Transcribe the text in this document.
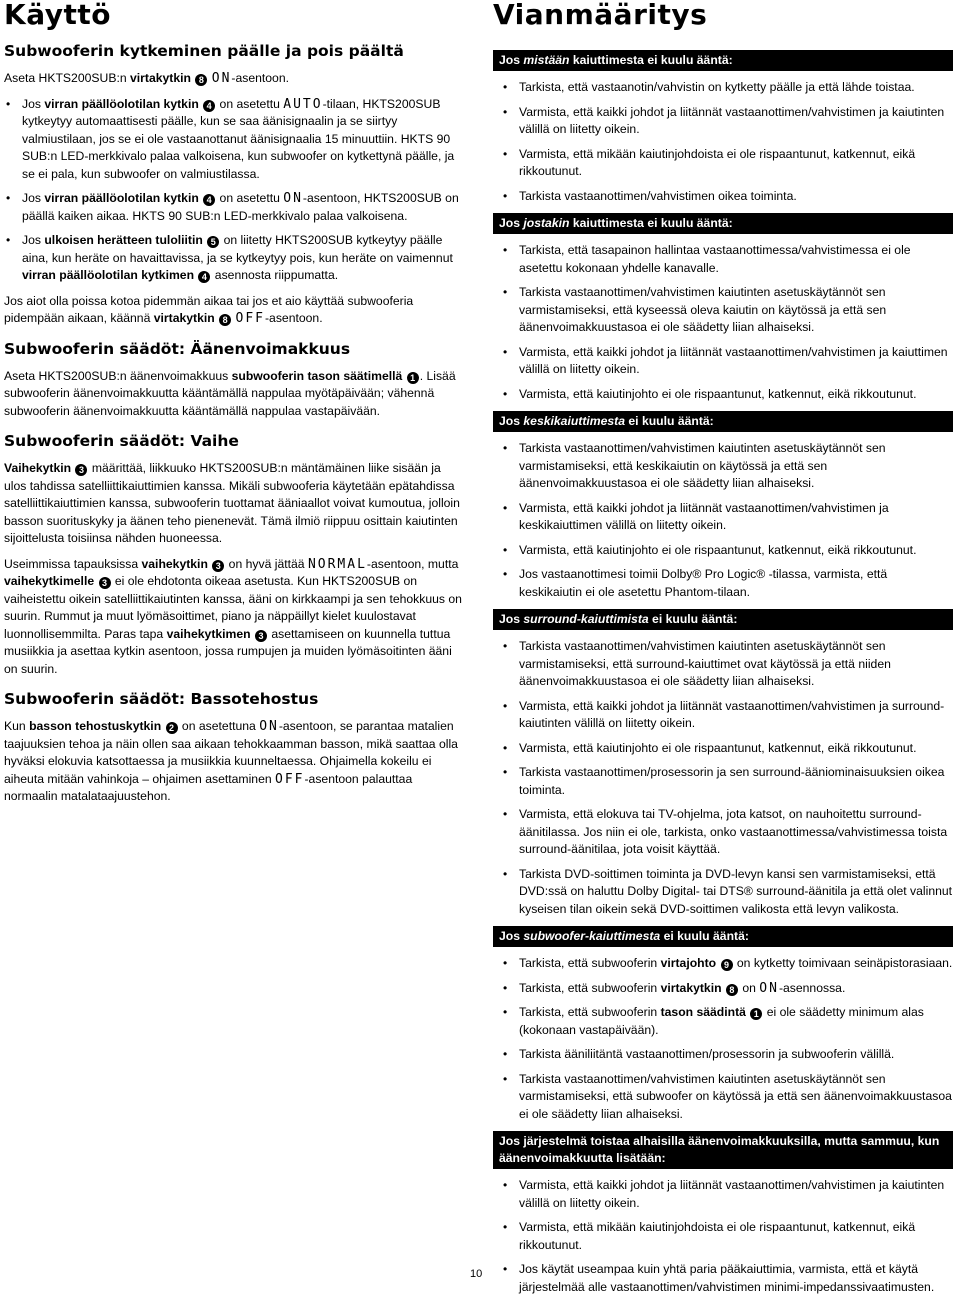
Käyttö
Subwooferin kytkeminen päälle ja pois päältä

Aseta HKTS200SUB:n virtakytkin 8 ON-asentoon.

• Jos virran päällöolotilan kytkin 4 on asetettu AUTO-tilaan, HKTS200SUB kytkeytyy automaattisesti päälle, kun se saa äänisignaalin ja se siirtyy valmiustilaan, jos se ei ole vastaanottanut äänisignaalia 15 minuuttiin. HKTS 90 SUB:n LED-merkkivalo palaa valkoisena, kun subwoofer on kytkettynä päälle, ja se ei pala, kun subwoofer on valmiustilassa.
• Jos virran päällöolotilan kytkin 4 on asetettu ON-asentoon, HKTS200SUB on päällä kaiken aikaa. HKTS 90 SUB:n LED-merkkivalo palaa valkoisena.
• Jos ulkoisen herätteen tuloliitin 5 on liitetty HKTS200SUB kytkeytyy päälle aina, kun heräte on havaittavissa, ja se kytkeytyy pois, kun heräte on vaimennut virran päällöolotilan kytkimen 4 asennosta riippumatta.

Jos aiot olla poissa kotoa pidemmän aikaa tai jos et aio käyttää subwooferia pidempään aikaan, käännä virtakytkin 8 OFF-asentoon.

Subwooferin säädöt: Äänenvoimakkuus

Aseta HKTS200SUB:n äänenvoimakkuus subwooferin tason säätimellä 1 . Lisää subwooferin äänenvoimakkuutta kääntämällä nappulaa myötäpäivään; vähennä subwooferin äänenvoimakkuutta kääntämällä nappulaa vastapäivään.

Subwooferin säädöt: Vaihe

Vaihekytkin 3 määrittää, liikkuuko HKTS200SUB:n mäntämäinen liike sisään ja ulos tahdissa satelliittikaiuttimien kanssa. Mikäli subwooferia käytetään epätahdissa satelliittikaiuttimien kanssa, subwooferin tuottamat ääniaallot voivat kumoutua, jolloin basson suorituskyky ja äänen teho pienenevät. Tämä ilmiö riippuu osittain kaiutinten sijoittelusta toisiinsa nähden huoneessa.

Useimmissa tapauksissa vaihekytkin 3 on hyvä jättää NORMAL-asentoon, mutta vaihekytkimelle 3 ei ole ehdotonta oikeaa asetusta. Kun HKTS200SUB on vaiheistettu oikein satelliittikaiutinten kanssa, ääni on kirkkaampi ja sen tehokkuus on suurin. Rummut ja muut lyömäsoittimet, piano ja näppäillyt kielet kuulostavat luonnollisemmilta. Paras tapa vaihekytkimen 3 asettamiseen on kuunnella tuttua musiikkia ja asettaa kytkin asentoon, jossa rumpujen ja muiden lyömäsoitinten ääni on suurin.

Subwooferin säädöt: Bassotehostus

Kun basson tehostuskytkin 2 on asetettuna ON-asentoon, se parantaa matalien taajuuksien tehoa ja näin ollen saa aikaan tehokkaamman basson, mikä saattaa olla hyväksi elokuvia katsottaessa ja musiikkia kuunneltaessa. Ohjaimella kokeilu ei aiheuta mitään vahinkoja – ohjaimen asettaminen OFF-asentoon palauttaa normaalin matalataajuustehon.

Vianmääritys
Jos mistään kaiuttimesta ei kuulu ääntä:
• Tarkista, että vastaanotin/vahvistin on kytketty päälle ja että lähde toistaa.
• Varmista, että kaikki johdot ja liitännät vastaanottimen/vahvistimen ja kaiutinten välillä on liitetty oikein.
• Varmista, että mikään kaiutinjohdoista ei ole rispaantunut, katkennut, eikä rikkoutunut.
• Tarkista vastaanottimen/vahvistimen oikea toiminta.
Jos jostakin kaiuttimesta ei kuulu ääntä:
• Tarkista, että tasapainon hallintaa vastaanottimessa/vahvistimessa ei ole asetettu kokonaan yhdelle kanavalle.
• Tarkista vastaanottimen/vahvistimen kaiutinten asetuskäytännöt sen varmistamiseksi, että kyseessä oleva kaiutin on käytössä ja että sen äänenvoimakkuustasoa ei ole säädetty liian alhaiseksi.
• Varmista, että kaikki johdot ja liitännät vastaanottimen/vahvistimen ja kaiuttimen välillä on liitetty oikein.
• Varmista, että kaiutinjohto ei ole rispaantunut, katkennut, eikä rikkoutunut.
Jos keskikaiuttimesta ei kuulu ääntä:
• Tarkista vastaanottimen/vahvistimen kaiutinten asetuskäytännöt sen varmistamiseksi, että keskikaiutin on käytössä ja että sen äänenvoimakkuustasoa ei ole säädetty liian alhaiseksi.
• Varmista, että kaikki johdot ja liitännät vastaanottimen/vahvistimen ja keskikaiuttimen välillä on liitetty oikein.
• Varmista, että kaiutinjohto ei ole rispaantunut, katkennut, eikä rikkoutunut.
• Jos vastaanottimesi toimii Dolby® Pro Logic® -tilassa, varmista, että keskikaiutin ei ole asetettu Phantom-tilaan.
Jos surround-kaiuttimista ei kuulu ääntä:
• Tarkista vastaanottimen/vahvistimen kaiutinten asetuskäytännöt sen varmistamiseksi, että surround-kaiuttimet ovat käytössä ja että niiden äänenvoimakkuustasoa ei ole säädetty liian alhaiseksi.
• Varmista, että kaikki johdot ja liitännät vastaanottimen/vahvistimen ja surround-kaiutinten välillä on liitetty oikein.
• Varmista, että kaiutinjohto ei ole rispaantunut, katkennut, eikä rikkoutunut.
• Tarkista vastaanottimen/prosessorin ja sen surround-ääniominaisuuksien oikea toiminta.
• Varmista, että elokuva tai TV-ohjelma, jota katsot, on nauhoitettu surround-äänitilassa. Jos niin ei ole, tarkista, onko vastaanottimessa/vahvistimessa toista surround-äänitilaa, jota voisit käyttää.
• Tarkista DVD-soittimen toiminta ja DVD-levyn kansi sen varmistamiseksi, että DVD:ssä on haluttu Dolby Digital- tai DTS® surround-äänitila ja että olet valinnut kyseisen tilan oikein sekä DVD-soittimen valikosta että levyn valikosta.
Jos subwoofer-kaiuttimesta ei kuulu ääntä:
• Tarkista, että subwooferin virtajohto 9 on kytketty toimivaan seinäpistorasiaan.
• Tarkista, että subwooferin virtakytkin 8 on ON-asennossa.
• Tarkista, että subwooferin tason säädintä 1 ei ole säädetty minimum alas (kokonaan vastapäivään).
• Tarkista ääniliitäntä vastaanottimen/prosessorin ja subwooferin välillä.
• Tarkista vastaanottimen/vahvistimen kaiutinten asetuskäytännöt sen varmistamiseksi, että subwoofer on käytössä ja että sen äänenvoimakkuustasoa ei ole säädetty liian alhaiseksi.
Jos järjestelmä toistaa alhaisilla äänenvoimakkuuksilla, mutta sammuu, kun äänenvoimakkuutta lisätään:
• Varmista, että kaikki johdot ja liitännät vastaanottimen/vahvistimen ja kaiutinten välillä on liitetty oikein.
• Varmista, että mikään kaiutinjohdoista ei ole rispaantunut, katkennut, eikä rikkoutunut.
• Jos käytät useampaa kuin yhtä paria pääkaiuttimia, varmista, että et käytä järjestelmää alle vastaanottimen/vahvistimen minimi-impedanssivaatimusten.
10
